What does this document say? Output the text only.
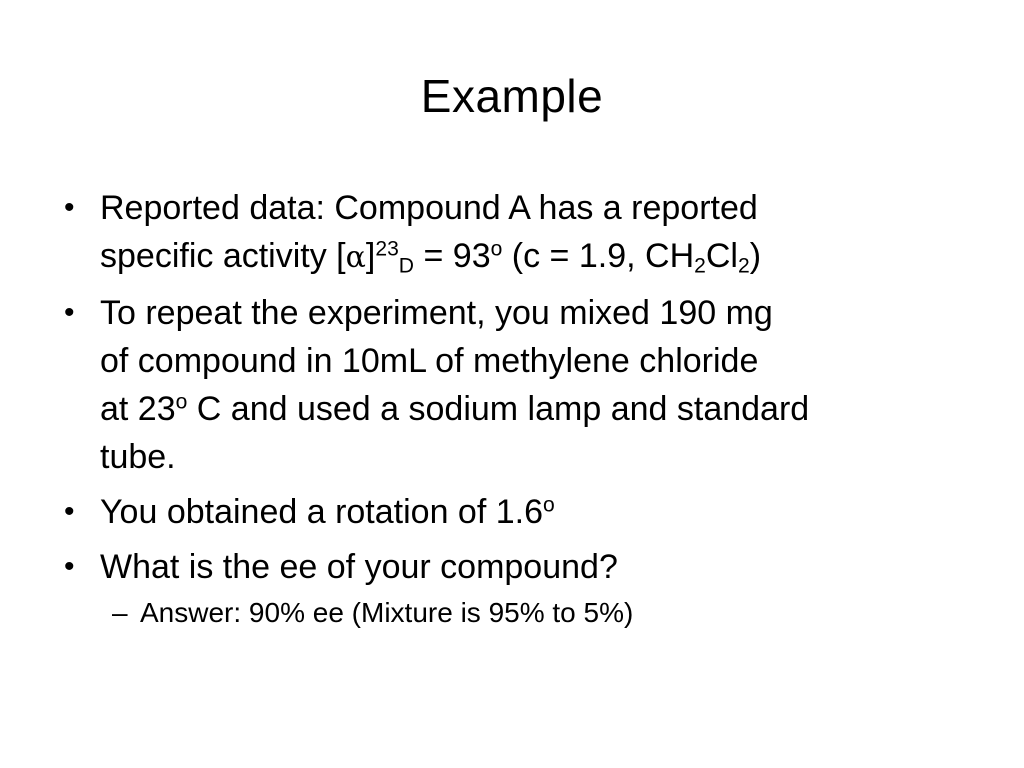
Example
• Reported data: Compound A has a reported
specific activity $[\alpha]^{23}_D = 93^o$ (c = 1.9, $CH_2Cl_2$)
• To repeat the experiment, you mixed 190 mg
of compound in 10mL of methylene chloride
at 23$^o$ C and used a sodium lamp and standard
tube.
• You obtained a rotation of 1.6$^o$
• What is the ee of your compound?
– Answer: 90% ee (Mixture is 95% to 5%)
